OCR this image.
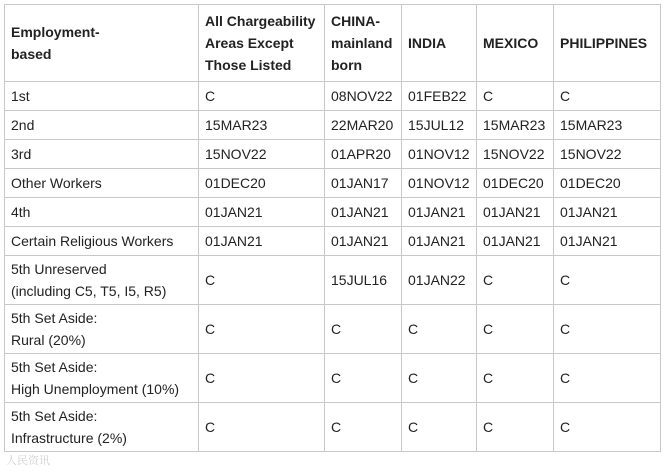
Employment-
based	All Chargeability
Areas Except
Those Listed	CHINA-
mainland
born	INDIA	MEXICO	PHILIPPINES
1st	C	08NOV22	01FEB22	C	C
2nd	15MAR23	22MAR20	15JUL12	15MAR23	15MAR23
3rd	15NOV22	01APR20	01NOV12	15NOV22	15NOV22
Other Workers	01DEC20	01JAN17	01NOV12	01DEC20	01DEC20
4th	01JAN21	01JAN21	01JAN21	01JAN21	01JAN21
Certain Religious Workers	01JAN21	01JAN21	01JAN21	01JAN21	01JAN21
5th Unreserved
(including C5, T5, I5, R5)	C	15JUL16	01JAN22	C	C
5th Set Aside:
Rural (20%)	C	C	C	C	C
5th Set Aside:
High Unemployment (10%)	C	C	C	C	C
5th Set Aside:
Infrastructure (2%)	C	C	C	C	C
人民资讯
